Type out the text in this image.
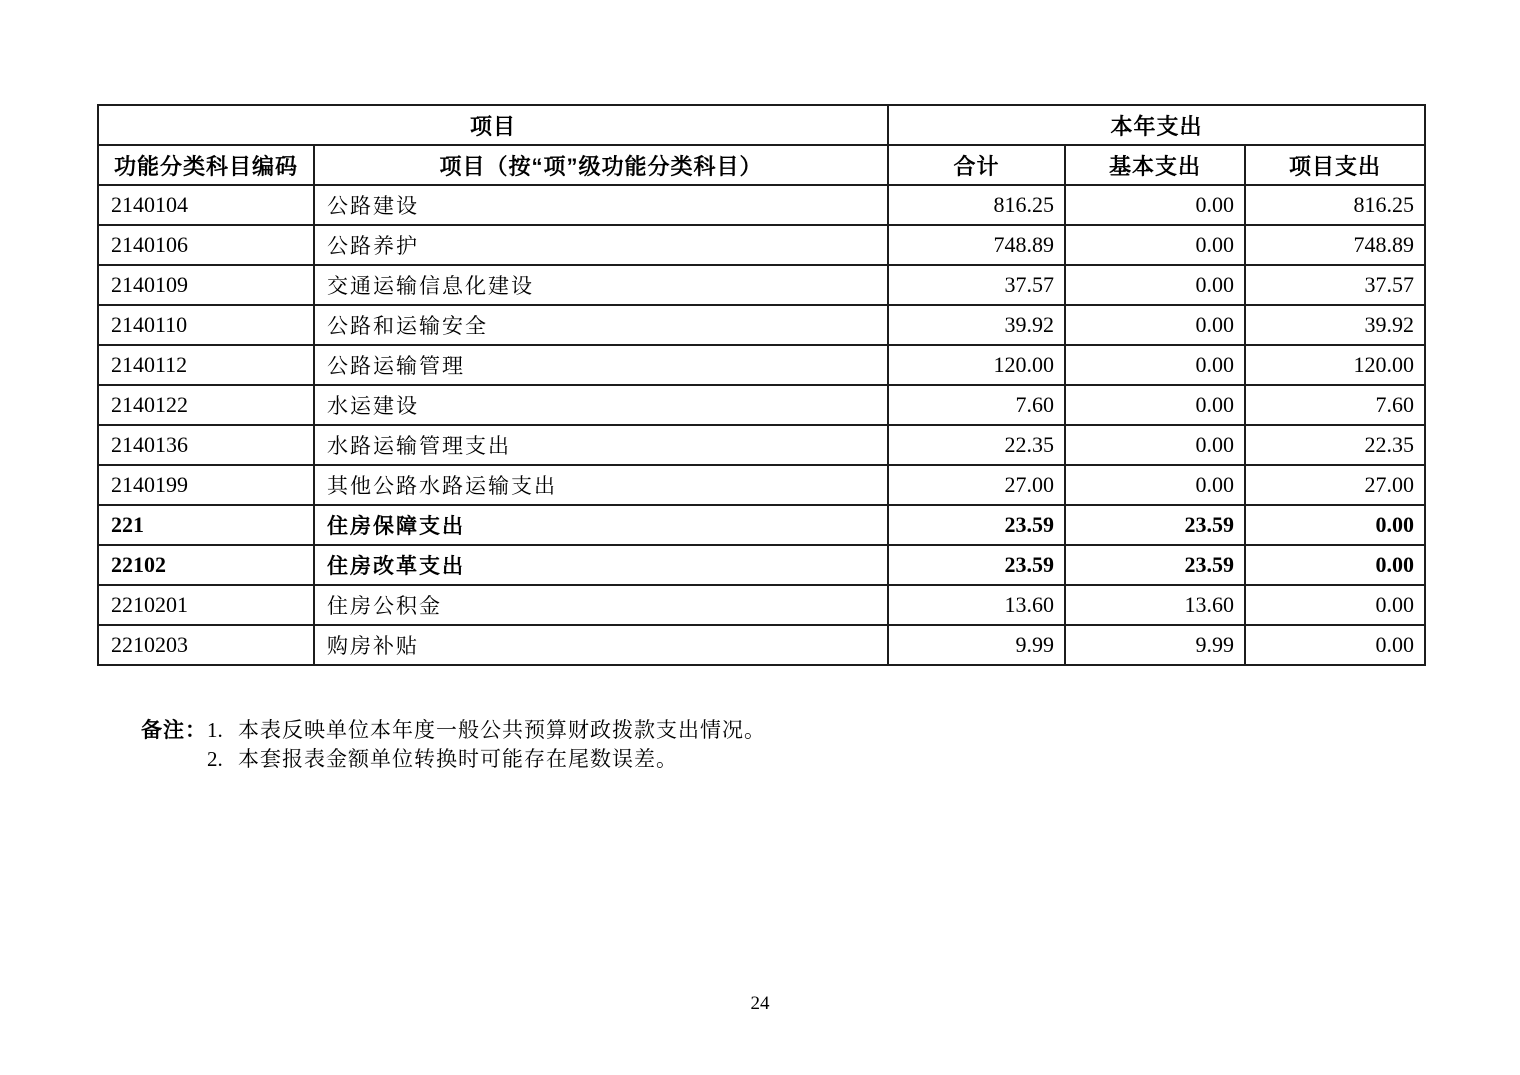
项目		本年支出		
功能分类科目编码	项目（按“项”级功能分类科目）	合计	基本支出	项目支出
2140104	公路建设	816.25	0.00	816.25
2140106	公路养护	748.89	0.00	748.89
2140109	交通运输信息化建设	37.57	0.00	37.57
2140110	公路和运输安全	39.92	0.00	39.92
2140112	公路运输管理	120.00	0.00	120.00
2140122	水运建设	7.60	0.00	7.60
2140136	水路运输管理支出	22.35	0.00	22.35
2140199	其他公路水路运输支出	27.00	0.00	27.00
221	住房保障支出	23.59	23.59	0.00
22102	住房改革支出	23.59	23.59	0.00
2210201	住房公积金	13.60	13.60	0.00
2210203	购房补贴	9.99	9.99	0.00
备注： 1. 本表反映单位本年度一般公共预算财政拨款支出情况。
2. 本套报表金额单位转换时可能存在尾数误差。
24
